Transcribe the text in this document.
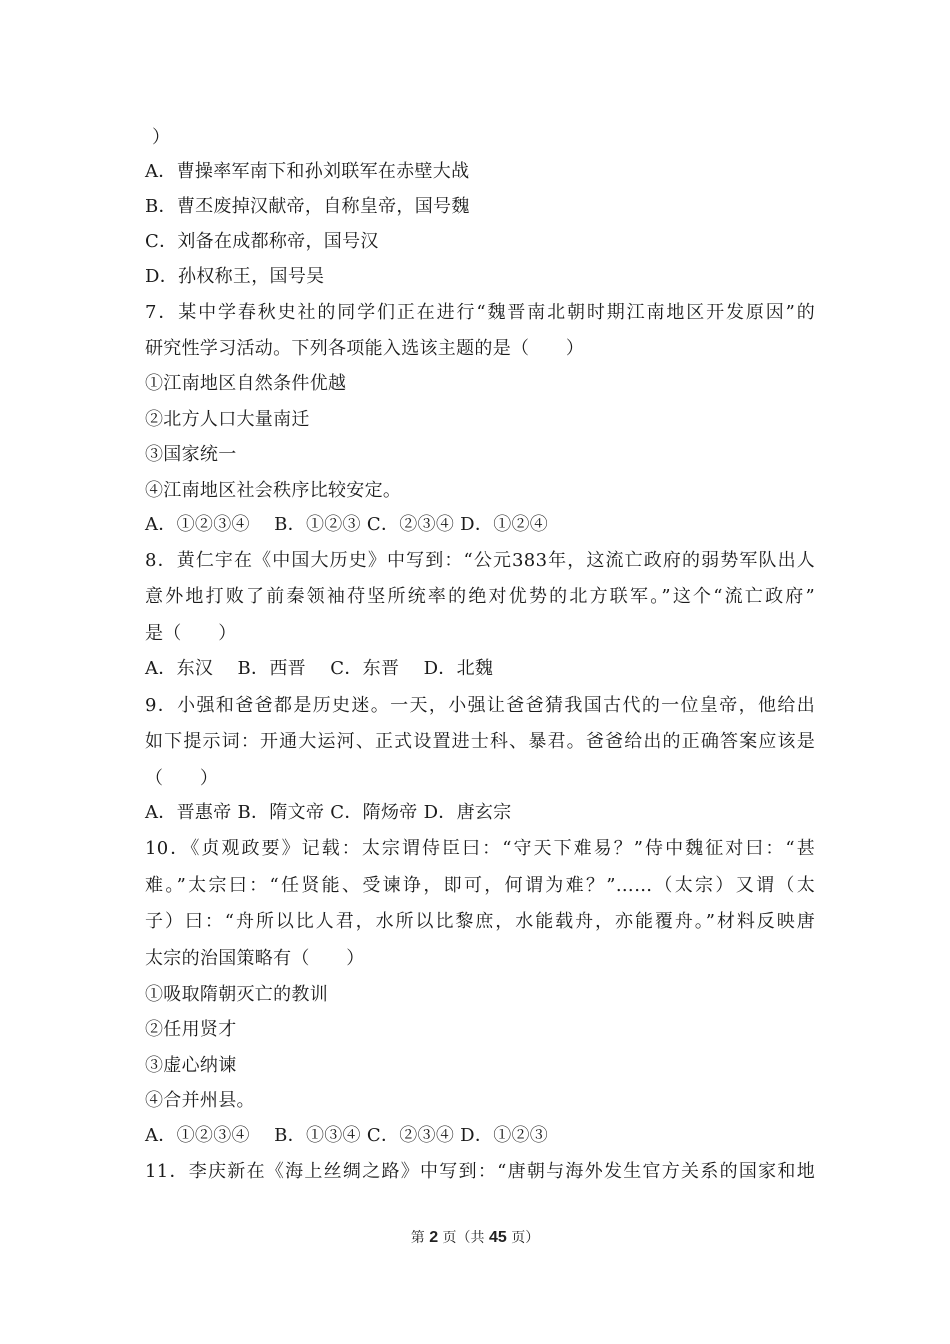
）
A．曹操率军南下和孙刘联军在赤壁大战
B．曹丕废掉汉献帝，自称皇帝，国号魏
C．刘备在成都称帝，国号汉
D．孙权称王，国号吴
7．某中学春秋史社的同学们正在进行“魏晋南北朝时期江南地区开发原因”的
研究性学习活动。下列各项能入选该主题的是（　　）
①江南地区自然条件优越
②北方人口大量南迁
③国家统一
④江南地区社会秩序比较安定。
A．①②③④　 B．①②③ C．②③④ D．①②④
8．黄仁宇在《中国大历史》中写到：“公元383年，这流亡政府的弱势军队出人
意外地打败了前秦领袖苻坚所统率的绝对优势的北方联军。”这个“流亡政府”
是（　　）
A．东汉　 B．西晋　 C．东晋　 D．北魏
9．小强和爸爸都是历史迷。一天，小强让爸爸猜我国古代的一位皇帝，他给出
如下提示词：开通大运河、正式设置进士科、暴君。爸爸给出的正确答案应该是
（　　）
A．晋惠帝 B．隋文帝 C．隋炀帝 D．唐玄宗
10．《贞观政要》记载：太宗谓侍臣曰：“守天下难易？”侍中魏征对曰：“甚
难。”太宗曰：“任贤能、受谏诤，即可，何谓为难？”……（太宗）又谓（太
子）曰：“舟所以比人君，水所以比黎庶，水能载舟，亦能覆舟。”材料反映唐
太宗的治国策略有（　　）
①吸取隋朝灭亡的教训
②任用贤才
③虚心纳谏
④合并州县。
A．①②③④　 B．①③④ C．②③④ D．①②③
11．李庆新在《海上丝绸之路》中写到：“唐朝与海外发生官方关系的国家和地
第 2 页（共 45 页）
